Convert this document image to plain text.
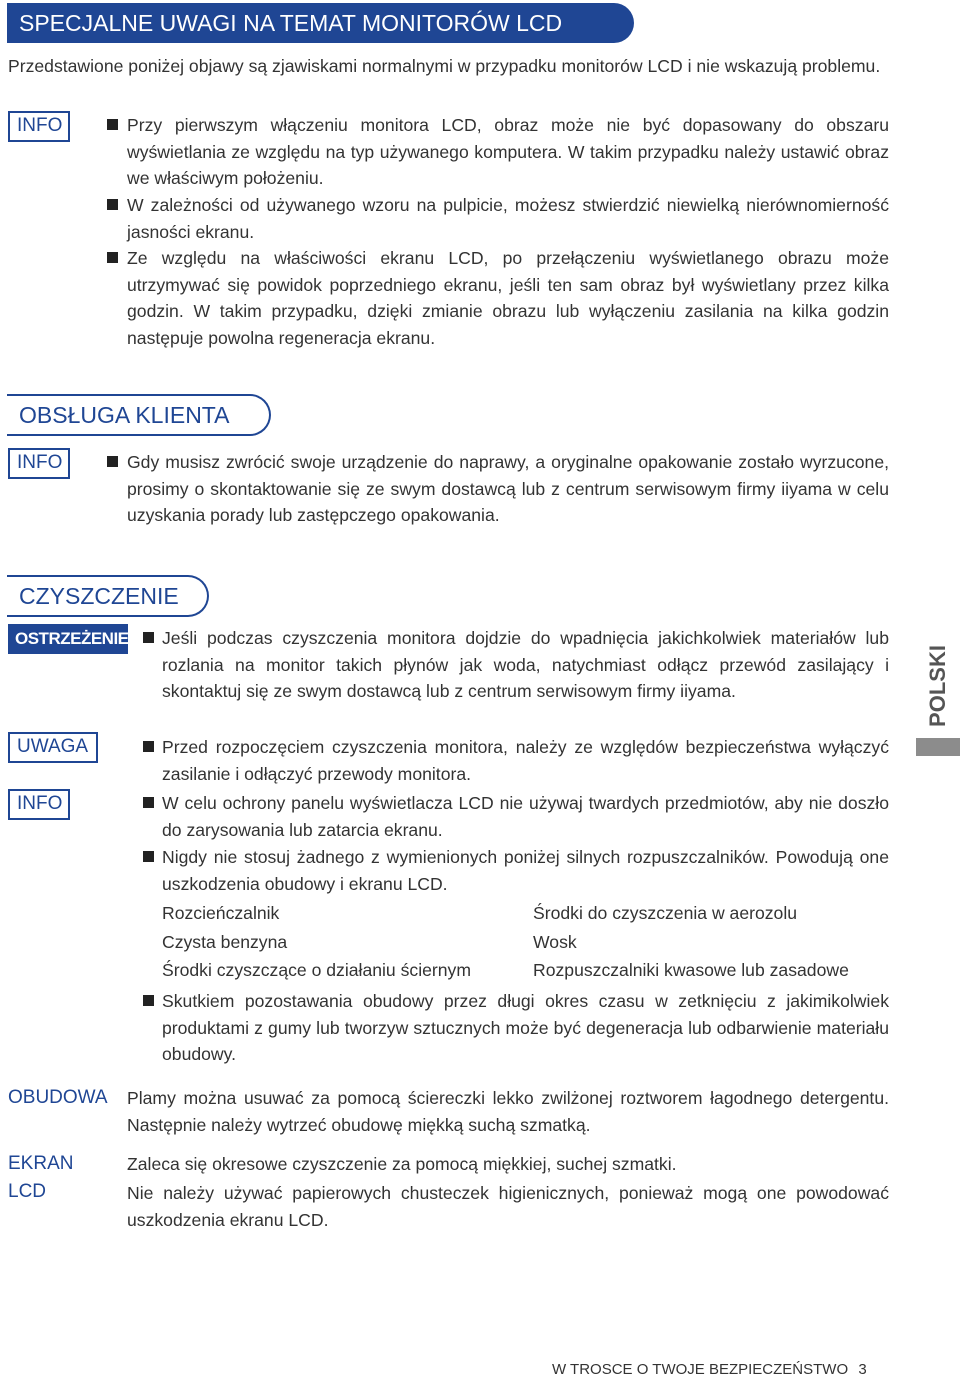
SPECJALNE UWAGI NA TEMAT MONITORÓW LCD
Przedstawione poniżej objawy są zjawiskami normalnymi w przypadku monitorów LCD i nie wskazują problemu.
INFO	Przy pierwszym włączeniu monitora LCD, obraz może nie być dopasowany do obszaru wyświetlania ze względu na typ używanego komputera. W takim przypadku należy ustawić obraz we właściwym położeniu.
W zależności od używanego wzoru na pulpicie, możesz stwierdzić niewielką nierównomierność jasności ekranu.
Ze względu na właściwości ekranu LCD, po przełączeniu wyświetlanego obrazu może utrzymywać się powidok poprzedniego ekranu, jeśli ten sam obraz był wyświetlany przez kilka godzin. W takim przypadku, dzięki zmianie obrazu lub wyłączeniu zasilania na kilka godzin następuje powolna regeneracja ekranu.
OBSŁUGA KLIENTA
INFO	Gdy musisz zwrócić swoje urządzenie do naprawy, a oryginalne opakowanie zostało wyrzucone, prosimy o skontaktowanie się ze swym dostawcą lub z centrum serwisowym firmy iiyama w celu uzyskania porady lub zastępczego opakowania.
CZYSZCZENIE
OSTRZEŻENIE
UWAGA
INFO
Jeśli podczas czyszczenia monitora dojdzie do wpadnięcia jakichkolwiek materiałów lub rozlania na monitor takich płynów jak woda, natychmiast odłącz przewód zasilający i skontaktuj się ze swym dostawcą lub z centrum serwisowym firmy iiyama.
Przed rozpoczęciem czyszczenia monitora, należy ze względów bezpieczeństwa wyłączyć zasilanie i odłączyć przewody monitora.
W celu ochrony panelu wyświetlacza LCD nie używaj twardych przedmiotów, aby nie doszło do zarysowania lub zatarcia ekranu.
Nigdy nie stosuj żadnego z wymienionych poniżej silnych rozpuszczalników. Powodują one uszkodzenia obudowy i ekranu LCD.
Rozcieńczalnik	Środki do czyszczenia w aerozolu
Czysta benzyna	Wosk
Środki czyszczące o działaniu ściernym	Rozpuszczalniki kwasowe lub zasadowe
Skutkiem pozostawania obudowy przez długi okres czasu w zetknięciu z jakimikolwiek produktami z gumy lub tworzyw sztucznych może być degeneracja lub odbarwienie materiału obudowy.
OBUDOWA Plamy można usuwać za pomocą ściereczki lekko zwilżonej roztworem łagodnego detergentu. Następnie należy wytrzeć obudowę miękką suchą szmatką.
EKRAN
LCD
Zaleca się okresowe czyszczenie za pomocą miękkiej, suchej szmatki.
Nie należy używać papierowych chusteczek higienicznych, ponieważ mogą one powodować uszkodzenia ekranu LCD.
POLSKI
W TROSCE O TWOJE BEZPIECZEŃSTWO 3
